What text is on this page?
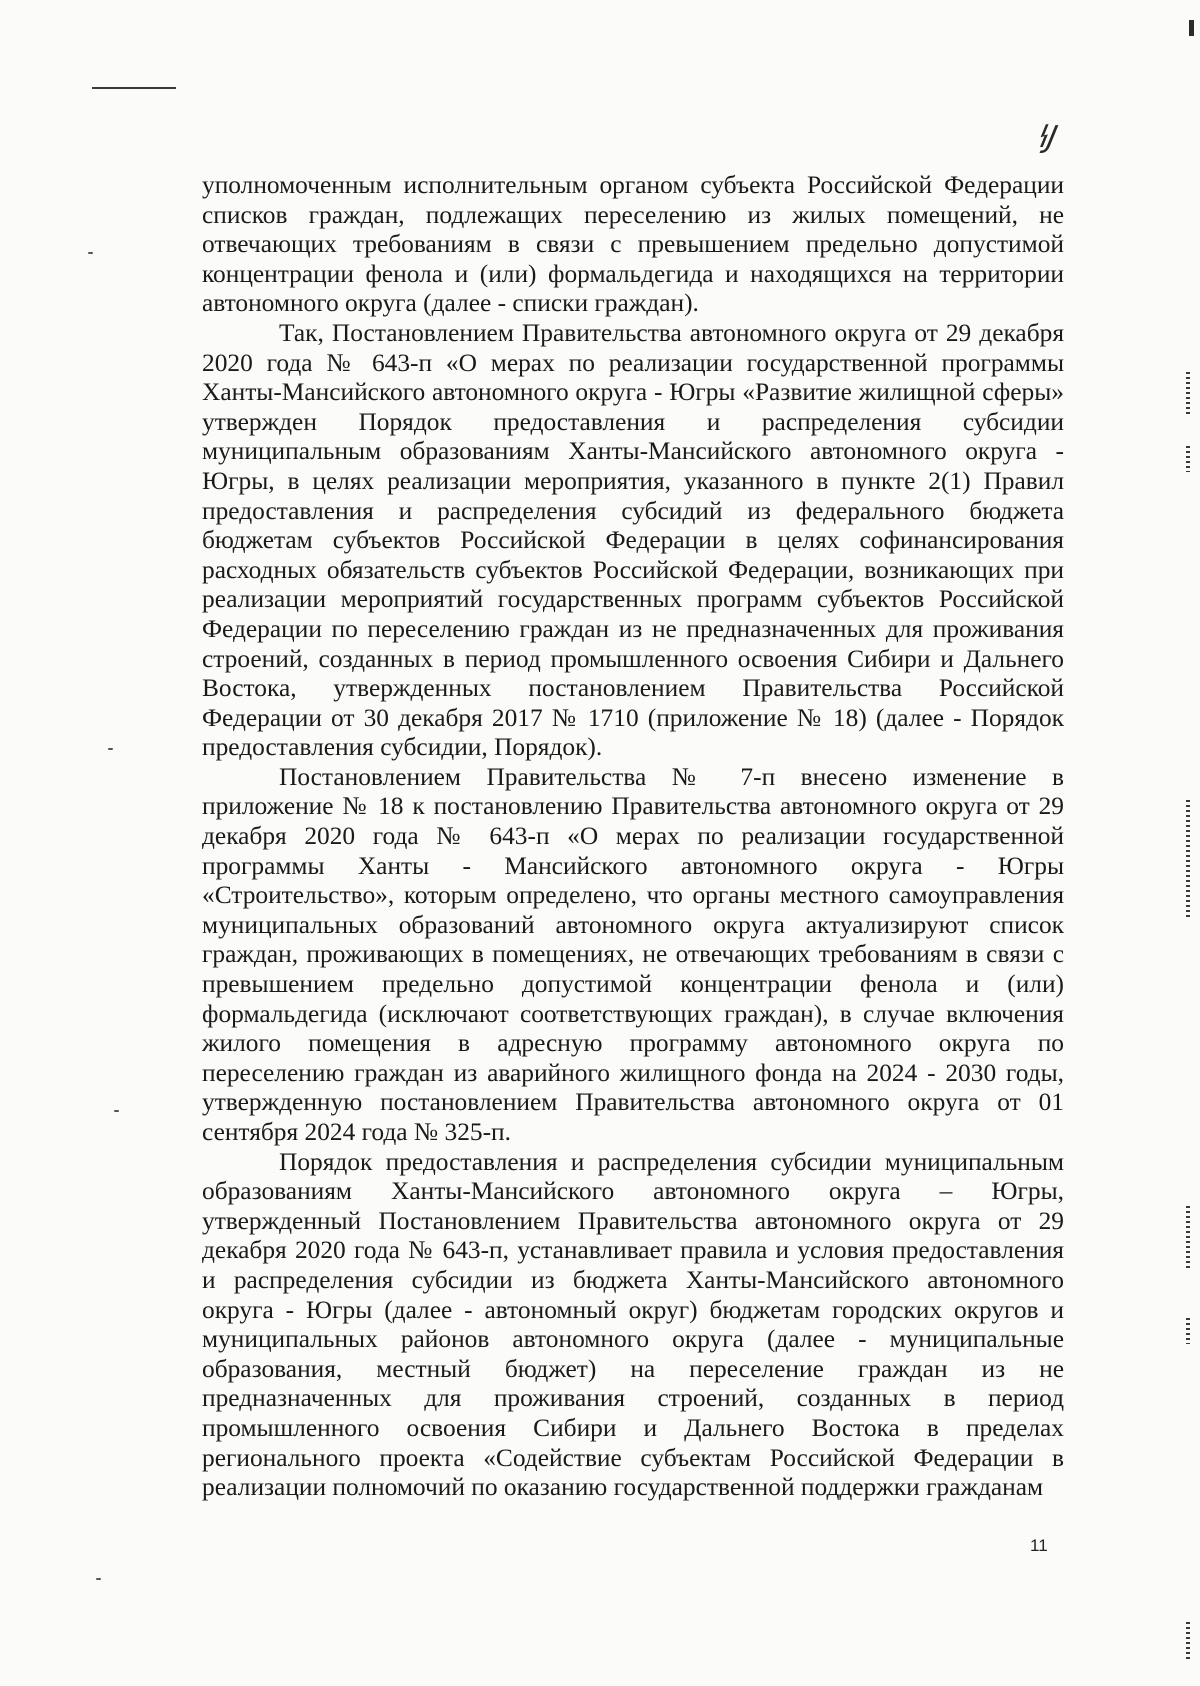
ꝇЈ

уполномоченным исполнительным органом субъекта Российской Федерации списков граждан, подлежащих переселению из жилых помещений, не отвечающих требованиям в связи с превышением предельно допустимой концентрации фенола и (или) формальдегида и находящихся на территории автономного округа (далее - списки граждан).

Так, Постановлением Правительства автономного округа от 29 декабря 2020 года № 643-п «О мерах по реализации государственной программы Ханты-Мансийского автономного округа - Югры «Развитие жилищной сферы» утвержден Порядок предоставления и распределения субсидии муниципальным образованиям Ханты-Мансийского автономного округа - Югры, в целях реализации мероприятия, указанного в пункте 2(1) Правил предоставления и распределения субсидий из федерального бюджета бюджетам субъектов Российской Федерации в целях софинансирования расходных обязательств субъектов Российской Федерации, возникающих при реализации мероприятий государственных программ субъектов Российской Федерации по переселению граждан из не предназначенных для проживания строений, созданных в период промышленного освоения Сибири и Дальнего Востока, утвержденных постановлением Правительства Российской Федерации от 30 декабря 2017 № 1710 (приложение № 18) (далее - Порядок предоставления субсидии, Порядок).

Постановлением Правительства № 7-п внесено изменение в приложение № 18 к постановлению Правительства автономного округа от 29 декабря 2020 года № 643-п «О мерах по реализации государственной программы Ханты - Мансийского автономного округа - Югры «Строительство», которым определено, что органы местного самоуправления муниципальных образований автономного округа актуализируют список граждан, проживающих в помещениях, не отвечающих требованиям в связи с превышением предельно допустимой концентрации фенола и (или) формальдегида (исключают соответствующих граждан), в случае включения жилого помещения в адресную программу автономного округа по переселению граждан из аварийного жилищного фонда на 2024 - 2030 годы, утвержденную постановлением Правительства автономного округа от 01 сентября 2024 года № 325-п.

Порядок предоставления и распределения субсидии муниципальным образованиям Ханты-Мансийского автономного округа – Югры, утвержденный Постановлением Правительства автономного округа от 29 декабря 2020 года № 643-п, устанавливает правила и условия предоставления и распределения субсидии из бюджета Ханты-Мансийского автономного округа - Югры (далее - автономный округ) бюджетам городских округов и муниципальных районов автономного округа (далее - муниципальные образования, местный бюджет) на переселение граждан из не предназначенных для проживания строений, созданных в период промышленного освоения Сибири и Дальнего Востока в пределах регионального проекта «Содействие субъектам Российской Федерации в реализации полномочий по оказанию государственной поддержки гражданам

11
